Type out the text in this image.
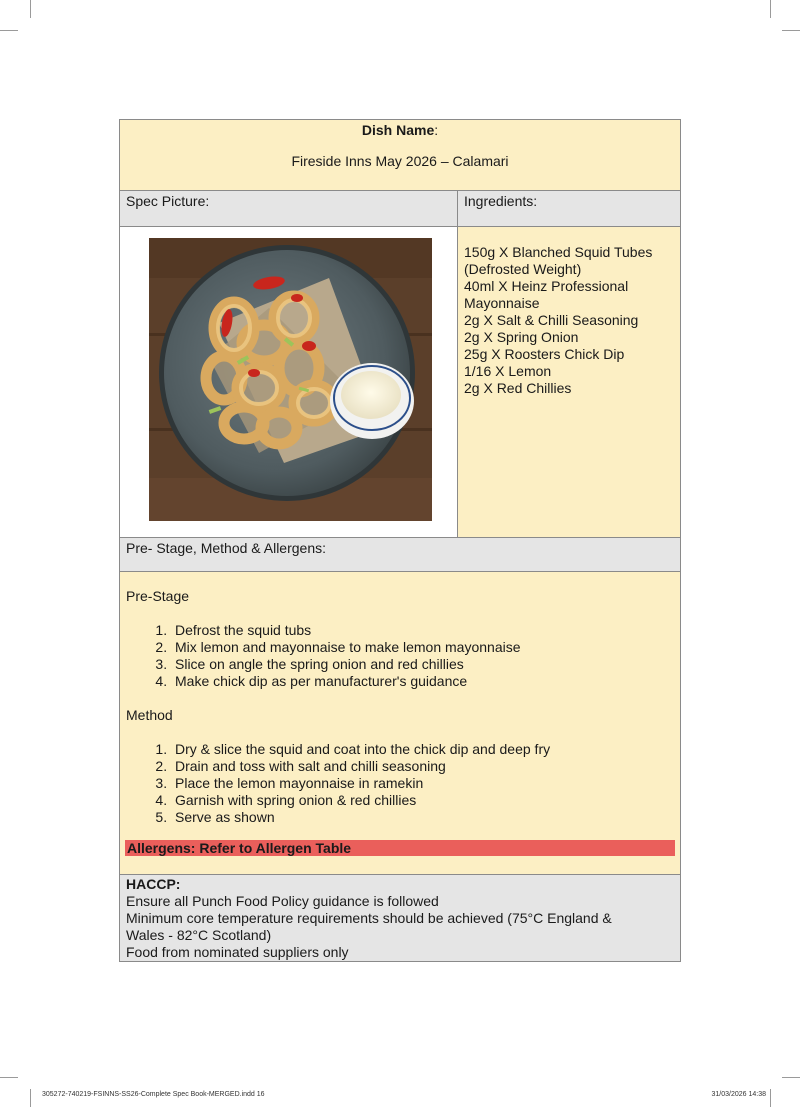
Dish Name:
Fireside Inns May 2026 – Calamari
Spec Picture:	Ingredients:
150g X Blanched Squid Tubes
(Defrosted Weight)
40ml X Heinz Professional
Mayonnaise
2g X Salt & Chilli Seasoning
2g X Spring Onion
25g X Roosters Chick Dip
1/16 X Lemon
2g X Red Chillies
Pre- Stage, Method & Allergens:
Pre-Stage
1. Defrost the squid tubs
2. Mix lemon and mayonnaise to make lemon mayonnaise
3. Slice on angle the spring onion and red chillies
4. Make chick dip as per manufacturer's guidance
Method
1. Dry & slice the squid and coat into the chick dip and deep fry
2. Drain and toss with salt and chilli seasoning
3. Place the lemon mayonnaise in ramekin
4. Garnish with spring onion & red chillies
5. Serve as shown
Allergens: Refer to Allergen Table
HACCP:
Ensure all Punch Food Policy guidance is followed
Minimum core temperature requirements should be achieved (75°C England &
Wales - 82°C Scotland)
Food from nominated suppliers only
305272-740219-FSINNS-SS26-Complete Spec Book-MERGED.indd 16	31/03/2026 14:38
